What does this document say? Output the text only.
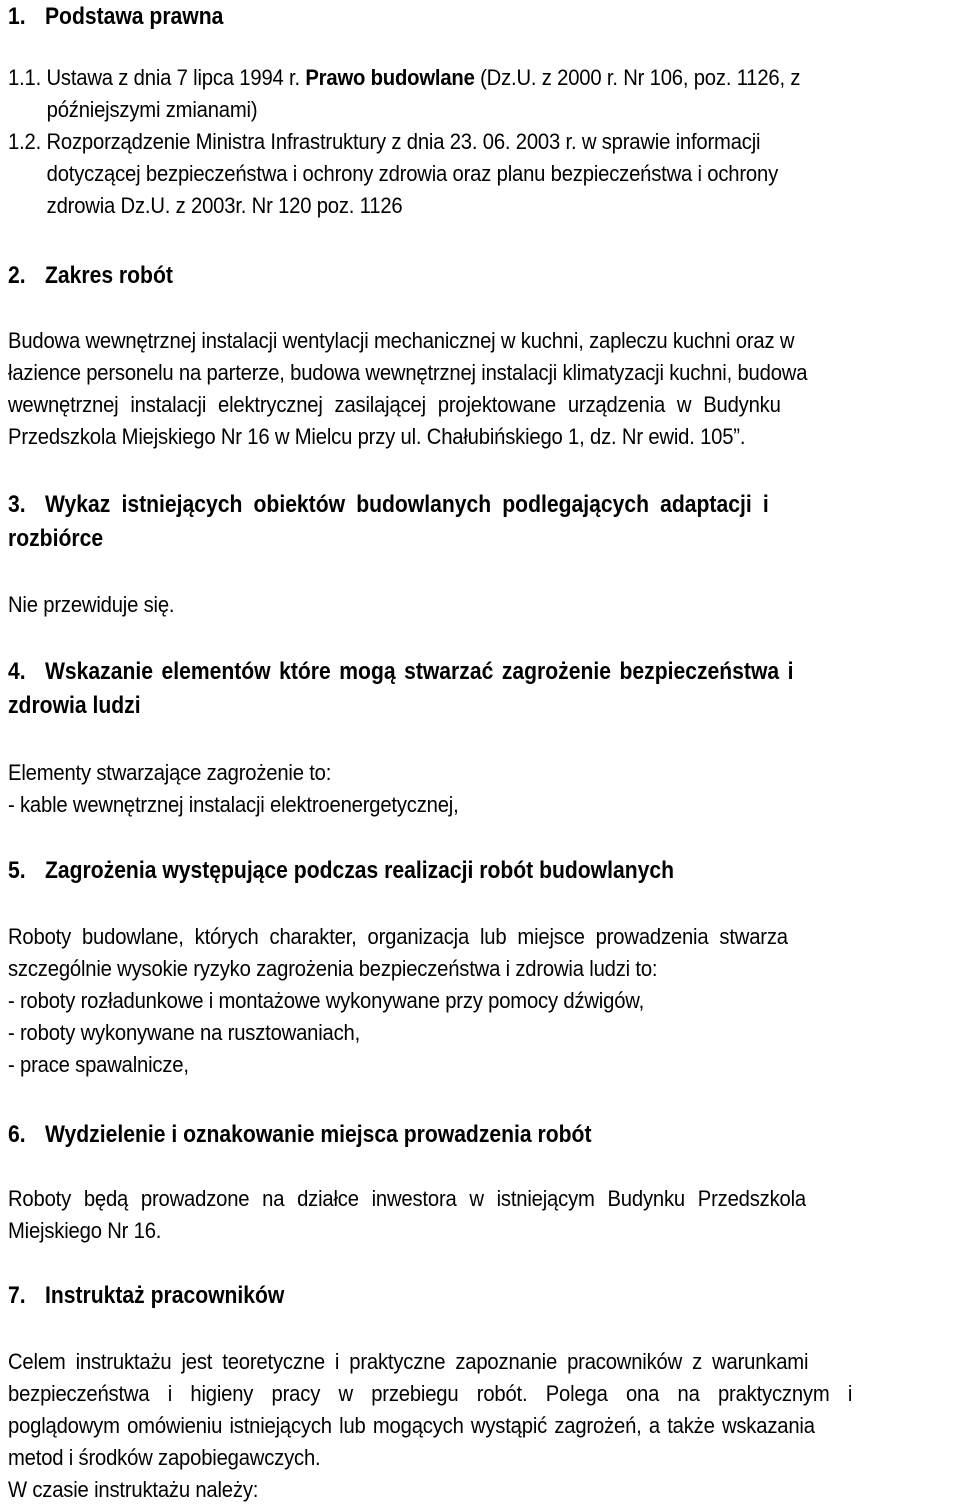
1. Podstawa prawna
1.1. Ustawa z dnia 7 lipca 1994 r. Prawo budowlane (Dz.U. z 2000 r. Nr 106, poz. 1126, z
późniejszymi zmianami)
1.2. Rozporządzenie Ministra Infrastruktury z dnia 23. 06. 2003 r. w sprawie informacji
dotyczącej bezpieczeństwa i ochrony zdrowia oraz planu bezpieczeństwa i ochrony
zdrowia Dz.U. z 2003r. Nr 120 poz. 1126
2. Zakres robót
Budowa wewnętrznej instalacji wentylacji mechanicznej w kuchni, zapleczu kuchni oraz w
łazience personelu na parterze, budowa wewnętrznej instalacji klimatyzacji kuchni, budowa
wewnętrznej instalacji elektrycznej zasilającej projektowane urządzenia w Budynku
Przedszkola Miejskiego Nr 16 w Mielcu przy ul. Chałubińskiego 1, dz. Nr ewid. 105”.
3. Wykaz istniejących obiektów budowlanych podlegających adaptacji i
rozbiórce
Nie przewiduje się.
4. Wskazanie elementów które mogą stwarzać zagrożenie bezpieczeństwa i
zdrowia ludzi
Elementy stwarzające zagrożenie to:
- kable wewnętrznej instalacji elektroenergetycznej,
5. Zagrożenia występujące podczas realizacji robót budowlanych
Roboty budowlane, których charakter, organizacja lub miejsce prowadzenia stwarza
szczególnie wysokie ryzyko zagrożenia bezpieczeństwa i zdrowia ludzi to:
- roboty rozładunkowe i montażowe wykonywane przy pomocy dźwigów,
- roboty wykonywane na rusztowaniach,
- prace spawalnicze,
6. Wydzielenie i oznakowanie miejsca prowadzenia robót
Roboty będą prowadzone na działce inwestora w istniejącym Budynku Przedszkola
Miejskiego Nr 16.
7. Instruktaż pracowników
Celem instruktażu jest teoretyczne i praktyczne zapoznanie pracowników z warunkami
bezpieczeństwa i higieny pracy w przebiegu robót. Polega ona na praktycznym i
poglądowym omówieniu istniejących lub mogących wystąpić zagrożeń, a także wskazania
metod i środków zapobiegawczych.
W czasie instruktażu należy:
